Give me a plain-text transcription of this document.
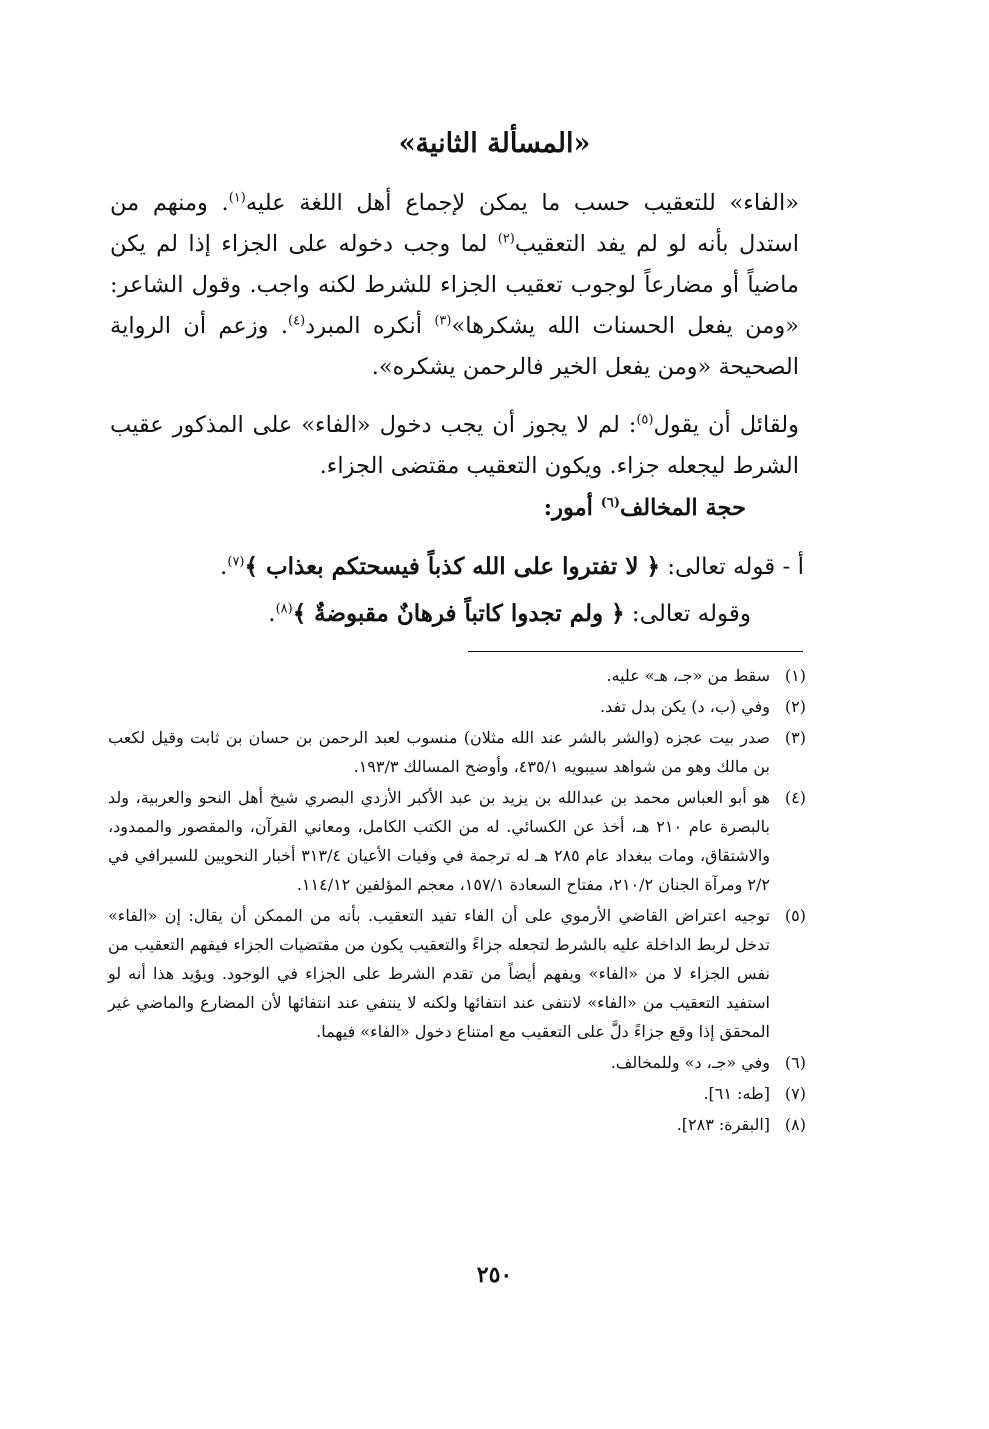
«المسألة الثانية»

«الفاء» للتعقيب حسب ما يمكن لإجماع أهل اللغة عليه$^{(١)}$. ومنهم من استدل بأنه لو لم يفد التعقيب$^{(٢)}$ لما وجب دخوله على الجزاء إذا لم يكن ماضياً أو مضارعاً لوجوب تعقيب الجزاء للشرط لكنه واجب. وقول الشاعر: «ومن يفعل الحسنات الله يشكرها»$^{(٣)}$ أنكره المبرد$^{(٤)}$. وزعم أن الرواية الصحيحة «ومن يفعل الخير فالرحمن يشكره».

ولقائل أن يقول$^{(٥)}$: لم لا يجوز أن يجب دخول «الفاء» على المذكور عقيب الشرط ليجعله جزاء. ويكون التعقيب مقتضى الجزاء.

حجة المخالف$^{(٦)}$ أمور:
أ - قوله تعالى: ﴿ لا تفتروا على الله كذباً فيسحتكم بعذاب ﴾$^{(٧)}$.
وقوله تعالى: ﴿ ولم تجدوا كاتباً فرهانٌ مقبوضةٌ ﴾$^{(٨)}$.
(١)
سقط من «جـ، هـ» عليه.
(٢)
وفي (ب، د) يكن بدل تفد.
(٣)
صدر بيت عجزه (والشر بالشر عند الله مثلان) منسوب لعبد الرحمن بن حسان بن ثابت وقيل لكعب بن مالك وهو من شواهد سيبويه ٤٣٥/١، وأوضح المسالك ١٩٣/٣.
(٤)
هو أبو العباس محمد بن عبدالله بن يزيد بن عبد الأكبر الأزدي البصري شيخ أهل النحو والعربية، ولد بالبصرة عام ٢١٠ هـ، أخذ عن الكسائي. له من الكتب الكامل، ومعاني القرآن، والمقصور والممدود، والاشتقاق، ومات ببغداد عام ٢٨٥ هـ له ترجمة في وفيات الأعيان ٣١٣/٤ أخبار النحويين للسيرافي في ٢/٢ ومرآة الجنان ٢١٠/٢، مفتاح السعادة ١٥٧/١، معجم المؤلفين ١١٤/١٢.
(٥)
توجيه اعتراض القاضي الأرموي على أن الفاء تفيد التعقيب. بأنه من الممكن أن يقال: إن «الفاء» تدخل لربط الداخلة عليه بالشرط لتجعله جزاءً والتعقيب يكون من مقتضيات الجزاء فيفهم التعقيب من نفس الجزاء لا من «الفاء» ويفهم أيضاً من تقدم الشرط على الجزاء في الوجود. ويؤيد هذا أنه لو استفيد التعقيب من «الفاء» لانتفى عند انتفائها ولكنه لا ينتفي عند انتفائها لأن المضارع والماضي غير المحقق إذا وقع جزاءً دلَّ على التعقيب مع امتناع دخول «الفاء» فيهما.
(٦)
وفي «جـ، د» وللمخالف.
(٧)
[طه: ٦١].
(٨)
[البقرة: ٢٨٣].
٢٥٠
